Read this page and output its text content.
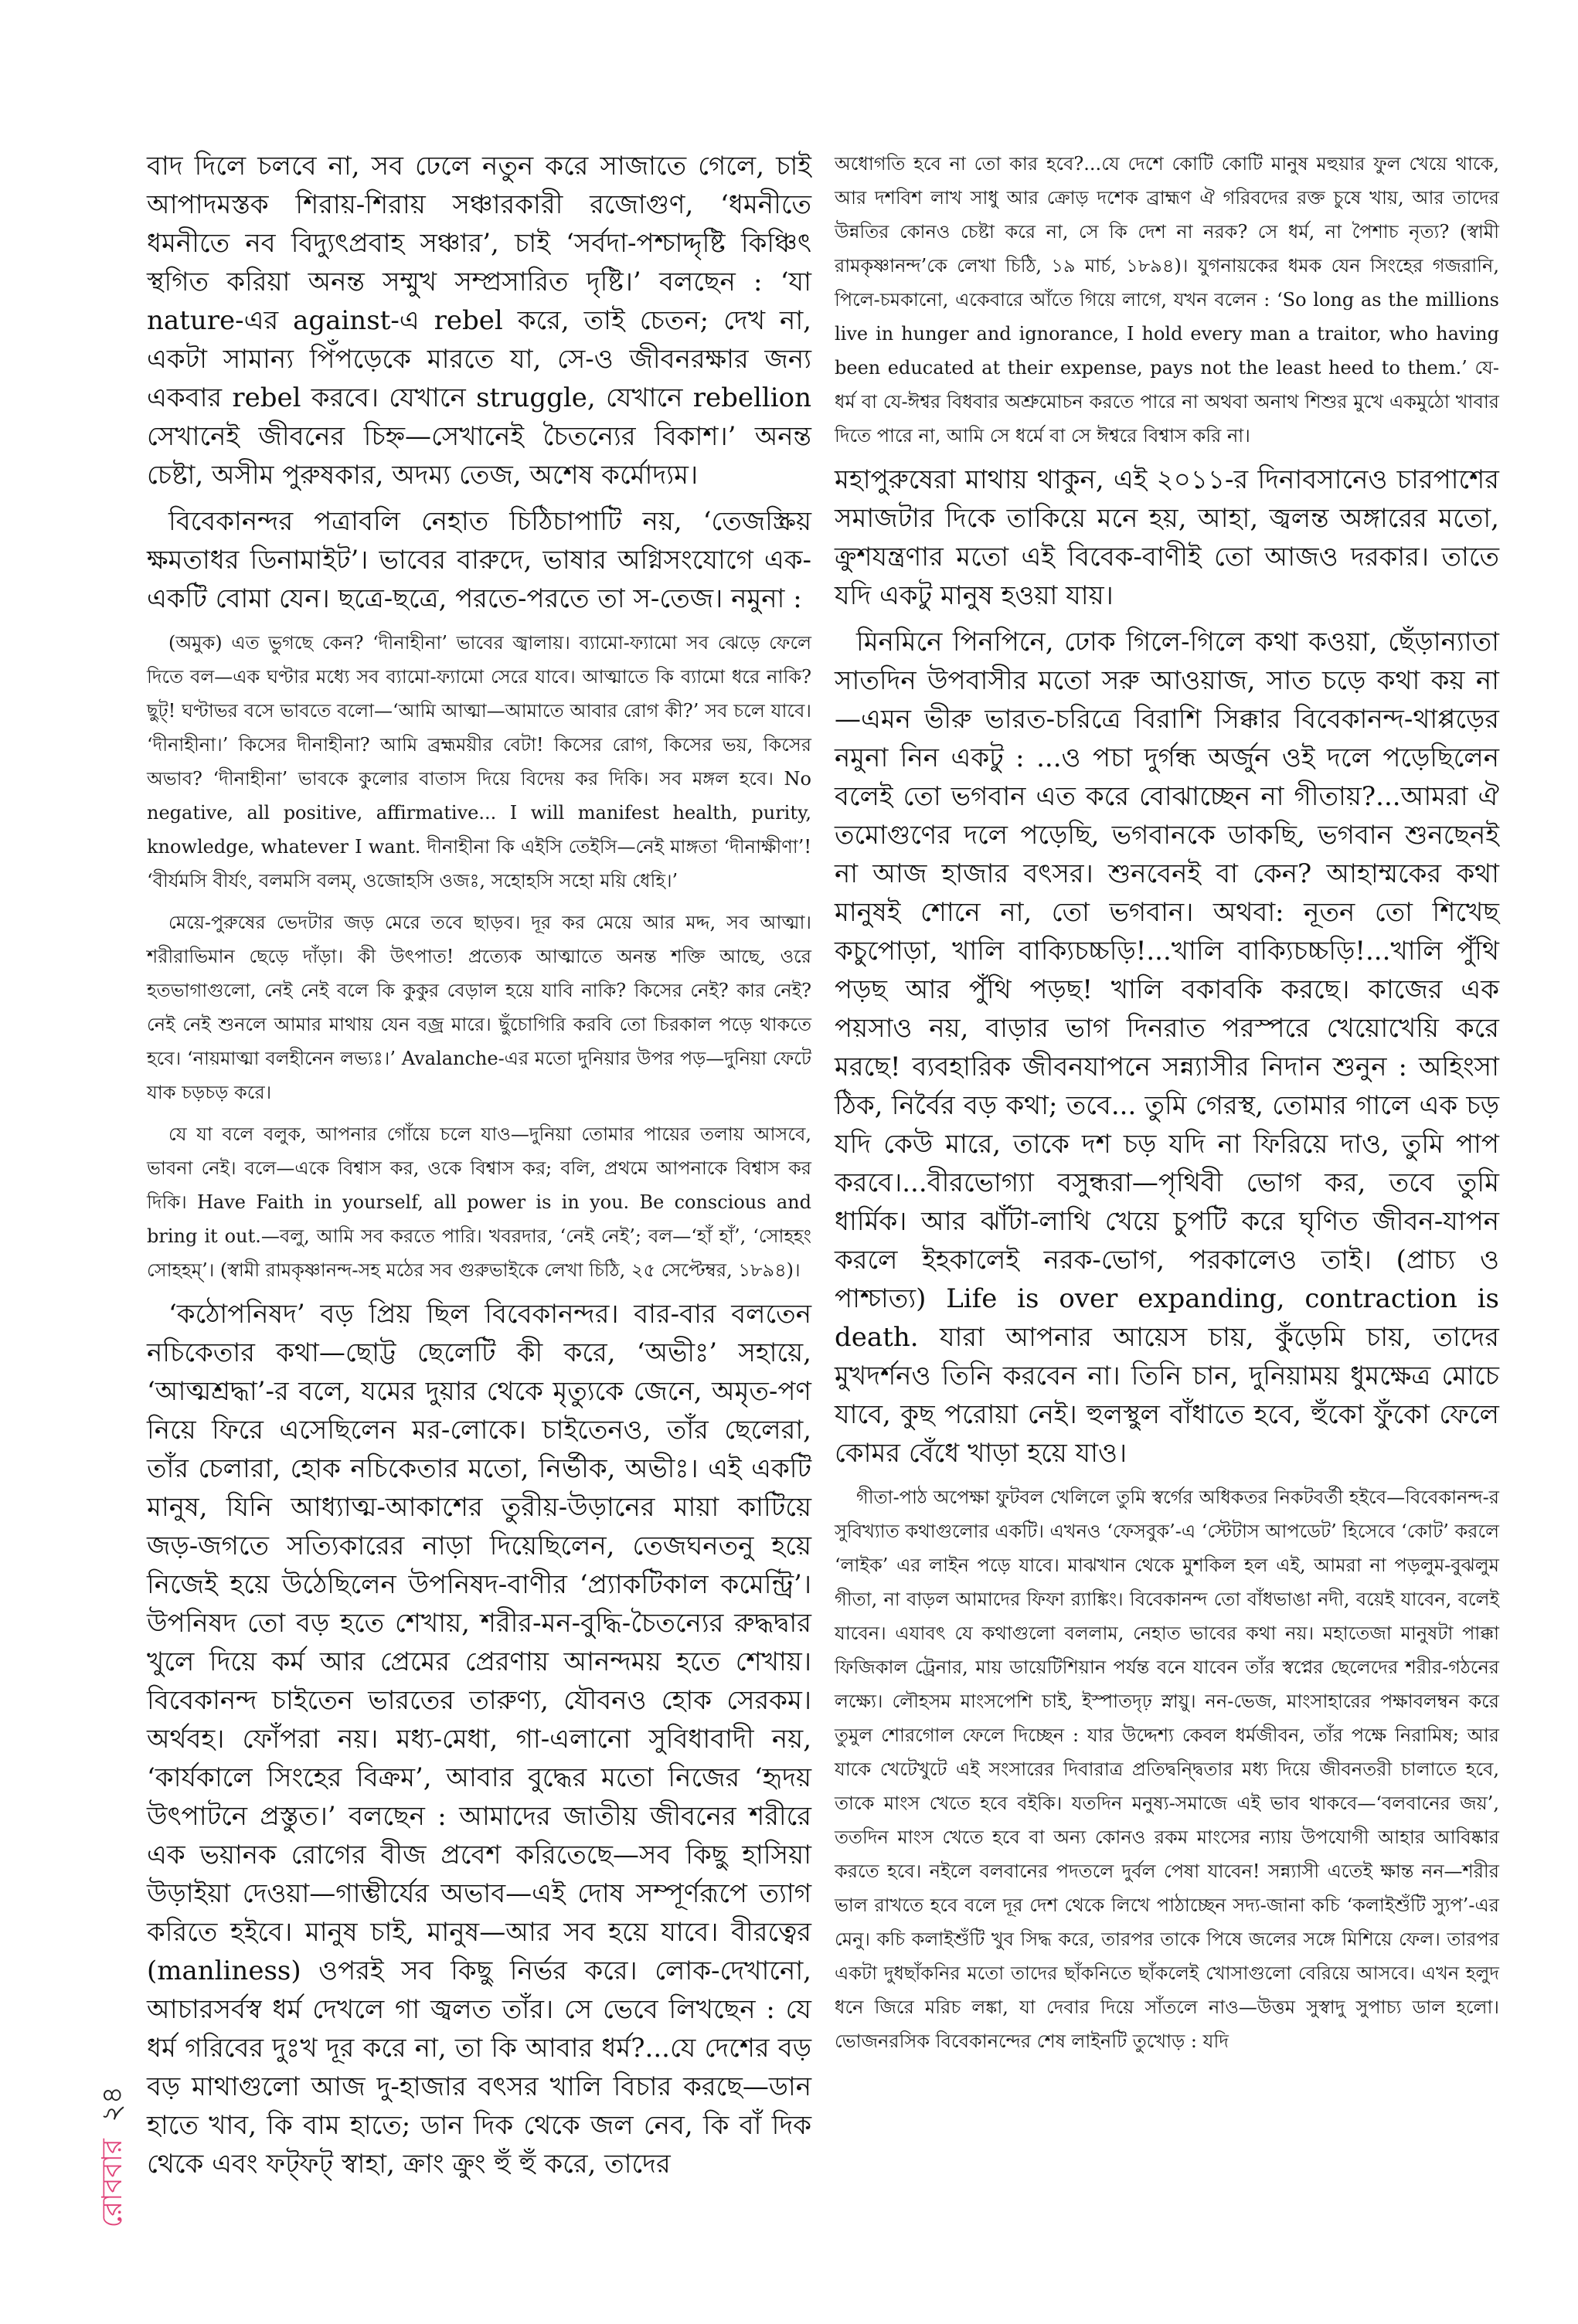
বাদ দিলে চলবে না, সব ঢেলে নতুন করে সাজাতে গেলে, চাই আপাদমস্তক শিরায়-শিরায় সঞ্চারকারী রজোগুণ, ‘ধমনীতে ধমনীতে নব বিদ্যুৎপ্রবাহ সঞ্চার’, চাই ‘সর্বদা-পশ্চাদ্দৃষ্টি কিঞ্চিৎ স্থগিত করিয়া অনন্ত সম্মুখ সম্প্রসারিত দৃষ্টি।’ বলছেন : ‘যা nature-এর against-এ rebel করে, তাই চেতন; দেখ না, একটা সামান্য পিঁপড়েকে মারতে যা, সে-ও জীবনরক্ষার জন্য একবার rebel করবে। যেখানে struggle, যেখানে rebellion সেখানেই জীবনের চিহ্ন—সেখানেই চৈতন্যের বিকাশ।’ অনন্ত চেষ্টা, অসীম পুরুষকার, অদম্য তেজ, অশেষ কর্মোদ্যম।

বিবেকানন্দর পত্রাবলি নেহাত চিঠিচাপাটি নয়, ‘তেজস্ক্রিয় ক্ষমতাধর ডিনামাইট’। ভাবের বারুদে, ভাষার অগ্নিসংযোগে এক-একটি বোমা যেন। ছত্রে-ছত্রে, পরতে-পরতে তা স-তেজ। নমুনা :

(অমুক) এত ভুগছে কেন? ‘দীনাহীনা’ ভাবের জ্বালায়। ব্যামো-ফ্যামো সব ঝেড়ে ফেলে দিতে বল—এক ঘণ্টার মধ্যে সব ব্যামো-ফ্যামো সেরে যাবে। আত্মাতে কি ব্যামো ধরে নাকি? ছুট্! ঘণ্টাভর বসে ভাবতে বলো—‘আমি আত্মা—আমাতে আবার রোগ কী?’ সব চলে যাবে। ‘দীনাহীনা।’ কিসের দীনাহীনা? আমি ব্রহ্মময়ীর বেটা! কিসের রোগ, কিসের ভয়, কিসের অভাব? ‘দীনাহীনা’ ভাবকে কুলোর বাতাস দিয়ে বিদেয় কর দিকি। সব মঙ্গল হবে। No negative, all positive, affirmative... I will manifest health, purity, knowledge, whatever I want. দীনাহীনা কি এইসি তেইসি—নেই মাঙ্গতা ‘দীনাক্ষীণা’! ‘বীর্যমসি বীর্যং, বলমসি বলম্‌, ওজোহসি ওজঃ, সহোহসি সহো ময়ি ধেহি।’

মেয়ে-পুরুষের ভেদটার জড় মেরে তবে ছাড়ব। দূর কর মেয়ে আর মদ্দ, সব আত্মা। শরীরাভিমান ছেড়ে দাঁড়া। কী উৎপাত! প্রত্যেক আত্মাতে অনন্ত শক্তি আছে, ওরে হতভাগাগুলো, নেই নেই বলে কি কুকুর বেড়াল হয়ে যাবি নাকি? কিসের নেই? কার নেই? নেই নেই শুনলে আমার মাথায় যেন বজ্র মারে। ছুঁচোগিরি করবি তো চিরকাল পড়ে থাকতে হবে। ‘নায়মাত্মা বলহীনেন লভ্যঃ।’ Avalanche-এর মতো দুনিয়ার উপর পড়—দুনিয়া ফেটে যাক চড়চড় করে।

যে যা বলে বলুক, আপনার গোঁয়ে চলে যাও—দুনিয়া তোমার পায়ের তলায় আসবে, ভাবনা নেই। বলে—একে বিশ্বাস কর, ওকে বিশ্বাস কর; বলি, প্রথমে আপনাকে বিশ্বাস কর দিকি। Have Faith in yourself, all power is in you. Be conscious and bring it out.—বলু, আমি সব করতে পারি। খবরদার, ‘নেই নেই’; বল—‘হাঁ হাঁ’, ‘সোহহং সোহহম্‌’। (স্বামী রামকৃষ্ণানন্দ-সহ মঠের সব গুরুভাইকে লেখা চিঠি, ২৫ সেপ্টেম্বর, ১৮৯৪)।

‘কঠোপনিষদ’ বড় প্রিয় ছিল বিবেকানন্দর। বার-বার বলতেন নচিকেতার কথা—ছোট্ট ছেলেটি কী করে, ‘অভীঃ’ সহায়ে, ‘আত্মশ্রদ্ধা’-র বলে, যমের দুয়ার থেকে মৃত্যুকে জেনে, অমৃত-পণ নিয়ে ফিরে এসেছিলেন মর-লোকে। চাইতেনও, তাঁর ছেলেরা, তাঁর চেলারা, হোক নচিকেতার মতো, নির্ভীক, অভীঃ। এই একটি মানুষ, যিনি আধ্যাত্ম-আকাশের তুরীয়-উড়ানের মায়া কাটিয়ে জড়-জগতে সত্যিকারের নাড়া দিয়েছিলেন, তেজঘনতনু হয়ে নিজেই হয়ে উঠেছিলেন উপনিষদ-বাণীর ‘প্র্যাকটিকাল কমেন্ট্রি’। উপনিষদ তো বড় হতে শেখায়, শরীর-মন-বুদ্ধি-চৈতন্যের রুদ্ধদ্বার খুলে দিয়ে কর্ম আর প্রেমের প্রেরণায় আনন্দময় হতে শেখায়। বিবেকানন্দ চাইতেন ভারতের তারুণ্য, যৌবনও হোক সেরকম। অর্থবহ। ফোঁপরা নয়। মধ্য-মেধা, গা-এলানো সুবিধাবাদী নয়, ‘কার্যকালে সিংহের বিক্রম’, আবার বুদ্ধের মতো নিজের ‘হৃদয় উৎপাটনে প্রস্তুত।’ বলছেন : আমাদের জাতীয় জীবনের শরীরে এক ভয়ানক রোগের বীজ প্রবেশ করিতেছে—সব কিছু হাসিয়া উড়াইয়া দেওয়া—গাম্ভীর্যের অভাব—এই দোষ সম্পূর্ণরূপে ত্যাগ করিতে হইবে। মানুষ চাই, মানুষ—আর সব হয়ে যাবে। বীরত্বের (manliness) ওপরই সব কিছু নির্ভর করে। লোক-দেখানো, আচারসর্বস্ব ধর্ম দেখলে গা জ্বলত তাঁর। সে ভেবে লিখছেন : যে ধর্ম গরিবের দুঃখ দূর করে না, তা কি আবার ধর্ম?...যে দেশের বড় বড় মাথাগুলো আজ দু-হাজার বৎসর খালি বিচার করছে—ডান হাতে খাব, কি বাম হাতে; ডান দিক থেকে জল নেব, কি বাঁ দিক থেকে এবং ফট্‌ফট্ স্বাহা, ক্রাং ক্রুং হুঁ হুঁ করে, তাদের

অধোগতি হবে না তো কার হবে?...যে দেশে কোটি কোটি মানুষ মহুয়ার ফুল খেয়ে থাকে, আর দশবিশ লাখ সাধু আর ক্রোড় দশেক ব্রাহ্মণ ঐ গরিবদের রক্ত চুষে খায়, আর তাদের উন্নতির কোনও চেষ্টা করে না, সে কি দেশ না নরক? সে ধর্ম, না পৈশাচ নৃত্য? (স্বামী রামকৃষ্ণানন্দ’কে লেখা চিঠি, ১৯ মার্চ, ১৮৯৪)। যুগনায়কের ধমক যেন সিংহের গজরানি, পিলে-চমকানো, একেবারে আঁতে গিয়ে লাগে, যখন বলেন : ‘So long as the millions live in hunger and ignorance, I hold every man a traitor, who having been educated at their expense, pays not the least heed to them.’ যে-ধর্ম বা যে-ঈশ্বর বিধবার অশ্রুমোচন করতে পারে না অথবা অনাথ শিশুর মুখে একমুঠো খাবার দিতে পারে না, আমি সে ধর্মে বা সে ঈশ্বরে বিশ্বাস করি না।

মহাপুরুষেরা মাথায় থাকুন, এই ২০১১-র দিনাবসানেও চারপাশের সমাজটার দিকে তাকিয়ে মনে হয়, আহা, জ্বলন্ত অঙ্গারের মতো, ক্রুশযন্ত্রণার মতো এই বিবেক-বাণীই তো আজও দরকার। তাতে যদি একটু মানুষ হওয়া যায়।

মিনমিনে পিনপিনে, ঢোক গিলে-গিলে কথা কওয়া, ছেঁড়ান্যাতা সাতদিন উপবাসীর মতো সরু আওয়াজ, সাত চড়ে কথা কয় না—এমন ভীরু ভারত-চরিত্রে বিরাশি সিক্কার বিবেকানন্দ-থাপ্পড়ের নমুনা নিন একটু : ...ও পচা দুর্গন্ধ অর্জুন ওই দলে পড়েছিলেন বলেই তো ভগবান এত করে বোঝাচ্ছেন না গীতায়?...আমরা ঐ তমোগুণের দলে পড়েছি, ভগবানকে ডাকছি, ভগবান শুনছেনই না আজ হাজার বৎসর। শুনবেনই বা কেন? আহাম্মকের কথা মানুষই শোনে না, তো ভগবান। অথবা: নূতন তো শিখেছ কচুপোড়া, খালি বাক্যিচচ্চড়ি!...খালি বাক্যিচচ্চড়ি!...খালি পুঁথি পড়ছ আর পুঁথি পড়ছ! খালি বকাবকি করছে। কাজের এক পয়সাও নয়, বাড়ার ভাগ দিনরাত পরস্পরে খেয়োখেয়ি করে মরছে! ব্যবহারিক জীবনযাপনে সন্ন্যাসীর নিদান শুনুন : অহিংসা ঠিক, নির্বৈর বড় কথা; তবে... তুমি গেরস্থ, তোমার গালে এক চড় যদি কেউ মারে, তাকে দশ চড় যদি না ফিরিয়ে দাও, তুমি পাপ করবে।...বীরভোগ্যা বসুন্ধরা—পৃথিবী ভোগ কর, তবে তুমি ধার্মিক। আর ঝাঁটা-লাথি খেয়ে চুপটি করে ঘৃণিত জীবন-যাপন করলে ইহকালেই নরক-ভোগ, পরকালেও তাই। (প্রাচ্য ও পাশ্চাত্য) Life is over expanding, contraction is death. যারা আপনার আয়েস চায়, কুঁড়েমি চায়, তাদের মুখদর্শনও তিনি করবেন না। তিনি চান, দুনিয়াময় ধুমক্ষেত্র মোচে যাবে, কুছ পরোয়া নেই। হুলস্থুল বাঁধাতে হবে, হুঁকো ফুঁকো ফেলে কোমর বেঁধে খাড়া হয়ে যাও।

গীতা-পাঠ অপেক্ষা ফুটবল খেলিলে তুমি স্বর্গের অধিকতর নিকটবর্তী হইবে—বিবেকানন্দ-র সুবিখ্যাত কথাগুলোর একটি। এখনও ‘ফেসবুক’-এ ‘স্টেটাস আপডেট’ হিসেবে ‘কোট’ করলে ‘লাইক’ এর লাইন পড়ে যাবে। মাঝখান থেকে মুশকিল হল এই, আমরা না পড়লুম-বুঝলুম গীতা, না বাড়ল আমাদের ফিফা র‌্যাঙ্কিং। বিবেকানন্দ তো বাঁধভাঙা নদী, বয়েই যাবেন, বলেই যাবেন। এযাবৎ যে কথাগুলো বললাম, নেহাত ভাবের কথা নয়। মহাতেজা মানুষটা পাক্কা ফিজিকাল ট্রেনার, মায় ডায়েটিশিয়ান পর্যন্ত বনে যাবেন তাঁর স্বপ্নের ছেলেদের শরীর-গঠনের লক্ষ্যে। লৌহসম মাংসপেশি চাই, ইস্পাতদৃঢ় স্নায়ু। নন-ভেজ, মাংসাহারের পক্ষাবলম্বন করে তুমুল শোরগোল ফেলে দিচ্ছেন : যার উদ্দেশ্য কেবল ধর্মজীবন, তাঁর পক্ষে নিরামিষ; আর যাকে খেটেখুটে এই সংসারের দিবারাত্র প্রতিদ্বন্দ্বিতার মধ্য দিয়ে জীবনতরী চালাতে হবে, তাকে মাংস খেতে হবে বইকি। যতদিন মনুষ্য-সমাজে এই ভাব থাকবে—‘বলবানের জয়’, ততদিন মাংস খেতে হবে বা অন্য কোনও রকম মাংসের ন্যায় উপযোগী আহার আবিষ্কার করতে হবে। নইলে বলবানের পদতলে দুর্বল পেষা যাবেন! সন্ন্যাসী এতেই ক্ষান্ত নন—শরীর ভাল রাখতে হবে বলে দূর দেশ থেকে লিখে পাঠাচ্ছেন সদ্য-জানা কচি ‘কলাইশুঁটি স্যুপ’-এর মেনু। কচি কলাইশুঁটি খুব সিদ্ধ করে, তারপর তাকে পিষে জলের সঙ্গে মিশিয়ে ফেল। তারপর একটা দুধছাঁকনির মতো তাদের ছাঁকনিতে ছাঁকলেই খোসাগুলো বেরিয়ে আসবে। এখন হলুদ ধনে জিরে মরিচ লঙ্কা, যা দেবার দিয়ে সাঁতলে নাও—উত্তম সুস্বাদু সুপাচ্য ডাল হলো। ভোজনরসিক বিবেকানন্দের শেষ লাইনটি তুখোড় : যদি

রোববার ২৪
